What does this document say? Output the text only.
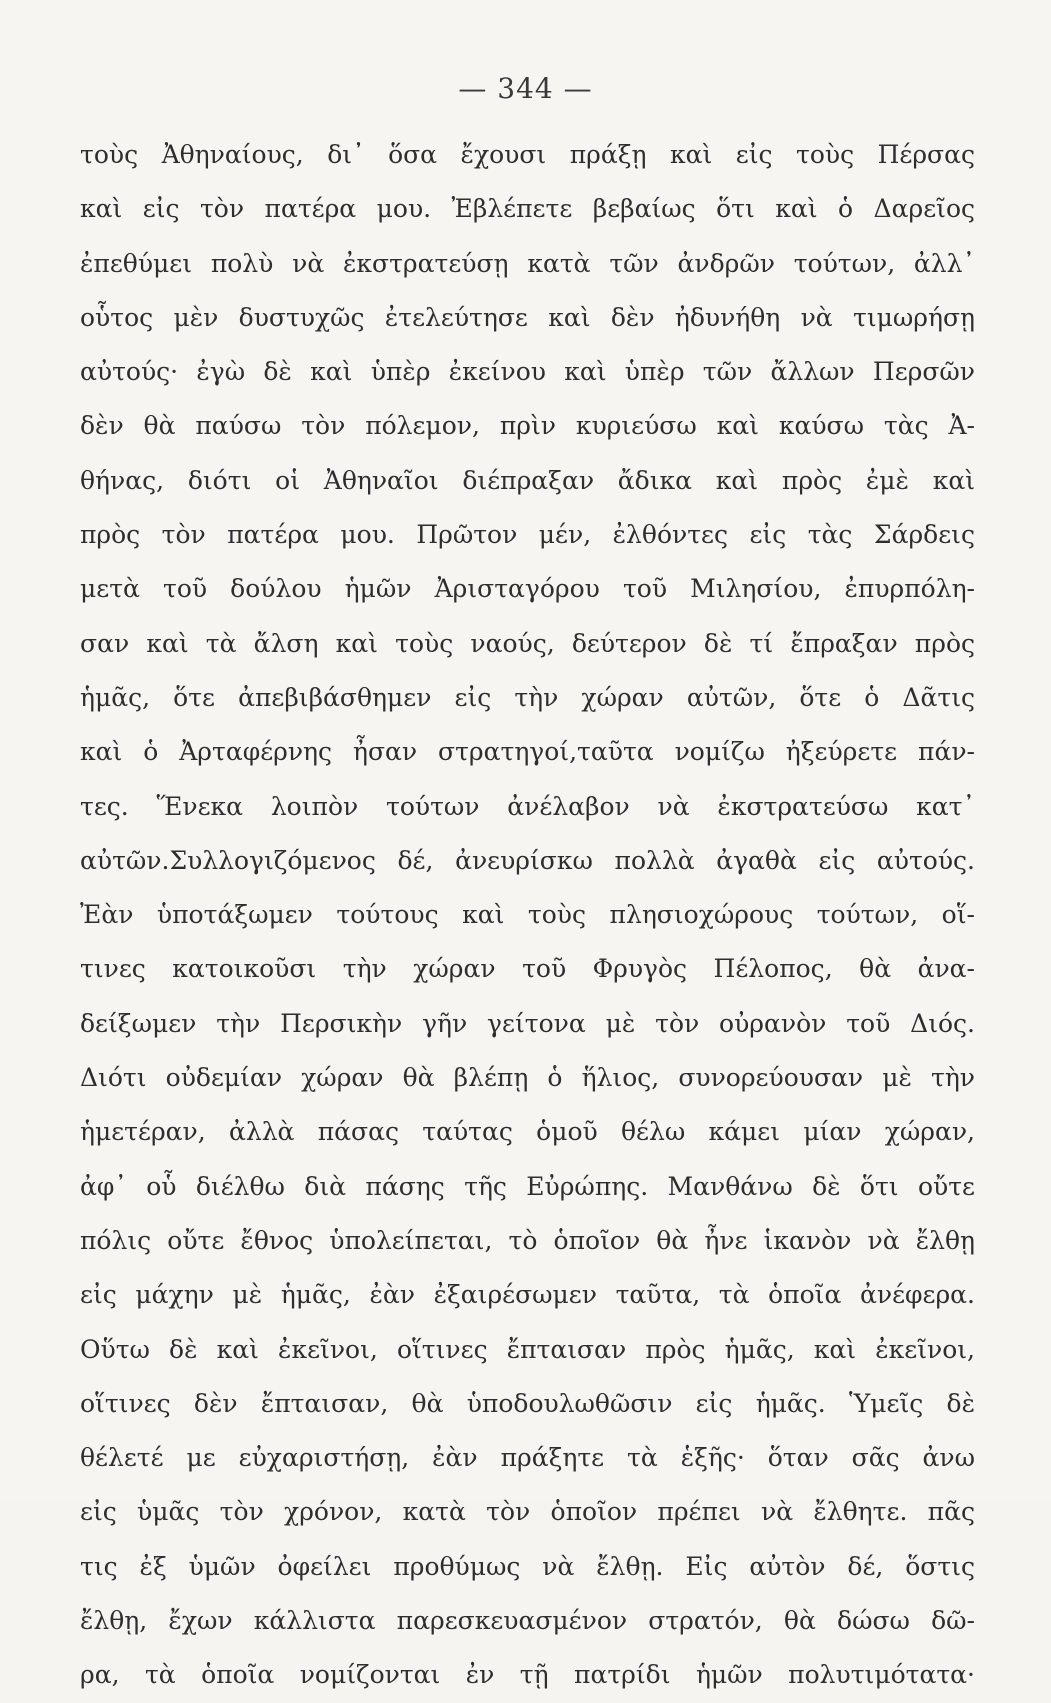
— 344 —
τοὺς Ἀθηναίους, δι᾽ ὅσα ἔχουσι πράξῃ καὶ εἰς τοὺς Πέρσας
καὶ εἰς τὸν πατέρα μου. Ἐβλέπετε βεβαίως ὅτι καὶ ὁ Δαρεῖος
ἐπεθύμει πολὺ νὰ ἐκστρατεύσῃ κατὰ τῶν ἀνδρῶν τούτων, ἀλλ᾽
οὗτος μὲν δυστυχῶς ἐτελεύτησε καὶ δὲν ἠδυνήθη νὰ τιμωρήσῃ
αὐτούς· ἐγὼ δὲ καὶ ὑπὲρ ἐκείνου καὶ ὑπὲρ τῶν ἄλλων Περσῶν
δὲν θὰ παύσω τὸν πόλεμον, πρὶν κυριεύσω καὶ καύσω τὰς Ἀ-
θήνας, διότι οἱ Ἀθηναῖοι διέπραξαν ἄδικα καὶ πρὸς ἐμὲ καὶ
πρὸς τὸν πατέρα μου. Πρῶτον μέν, ἐλθόντες εἰς τὰς Σάρδεις
μετὰ τοῦ δούλου ἡμῶν Ἀρισταγόρου τοῦ Μιλησίου, ἐπυρπόλη-
σαν καὶ τὰ ἄλση καὶ τοὺς ναούς, δεύτερον δὲ τί ἔπραξαν πρὸς
ἡμᾶς, ὅτε ἀπεβιβάσθημεν εἰς τὴν χώραν αὐτῶν, ὅτε ὁ Δᾶτις
καὶ ὁ Ἀρταφέρνης ἦσαν στρατηγοί,ταῦτα νομίζω ἠξεύρετε πάν-
τες. Ἕνεκα λοιπὸν τούτων ἀνέλαβον νὰ ἐκστρατεύσω κατ᾽
αὐτῶν.Συλλογιζόμενος δέ, ἀνευρίσκω πολλὰ ἀγαθὰ εἰς αὐτούς.
Ἐὰν ὑποτάξωμεν τούτους καὶ τοὺς πλησιοχώρους τούτων, οἵ-
τινες κατοικοῦσι τὴν χώραν τοῦ Φρυγὸς Πέλοπος, θὰ ἀνα-
δείξωμεν τὴν Περσικὴν γῆν γείτονα μὲ τὸν οὐρανὸν τοῦ Διός.
Διότι οὐδεμίαν χώραν θὰ βλέπῃ ὁ ἥλιος, συνορεύουσαν μὲ τὴν
ἡμετέραν, ἀλλὰ πάσας ταύτας ὁμοῦ θέλω κάμει μίαν χώραν,
ἀφ᾽ οὗ διέλθω διὰ πάσης τῆς Εὐρώπης. Μανθάνω δὲ ὅτι οὔτε
πόλις οὔτε ἔθνος ὑπολείπεται, τὸ ὁποῖον θὰ ἦνε ἱκανὸν νὰ ἔλθῃ
εἰς μάχην μὲ ἡμᾶς, ἐὰν ἐξαιρέσωμεν ταῦτα, τὰ ὁποῖα ἀνέφερα.
Οὕτω δὲ καὶ ἐκεῖνοι, οἵτινες ἔπταισαν πρὸς ἡμᾶς, καὶ ἐκεῖνοι,
οἵτινες δὲν ἔπταισαν, θὰ ὑποδουλωθῶσιν εἰς ἡμᾶς. Ὑμεῖς δὲ
θέλετέ με εὐχαριστήσῃ, ἐὰν πράξητε τὰ ἑξῆς· ὅταν σᾶς ἀνω
εἰς ὑμᾶς τὸν χρόνον, κατὰ τὸν ὁποῖον πρέπει νὰ ἔλθητε. πᾶς
τις ἐξ ὑμῶν ὀφείλει προθύμως νὰ ἔλθῃ. Εἰς αὐτὸν δέ, ὅστις
ἔλθῃ, ἔχων κάλλιστα παρεσκευασμένον στρατόν, θὰ δώσω δῶ-
ρα, τὰ ὁποῖα νομίζονται ἐν τῇ πατρίδι ἡμῶν πολυτιμότατα·
